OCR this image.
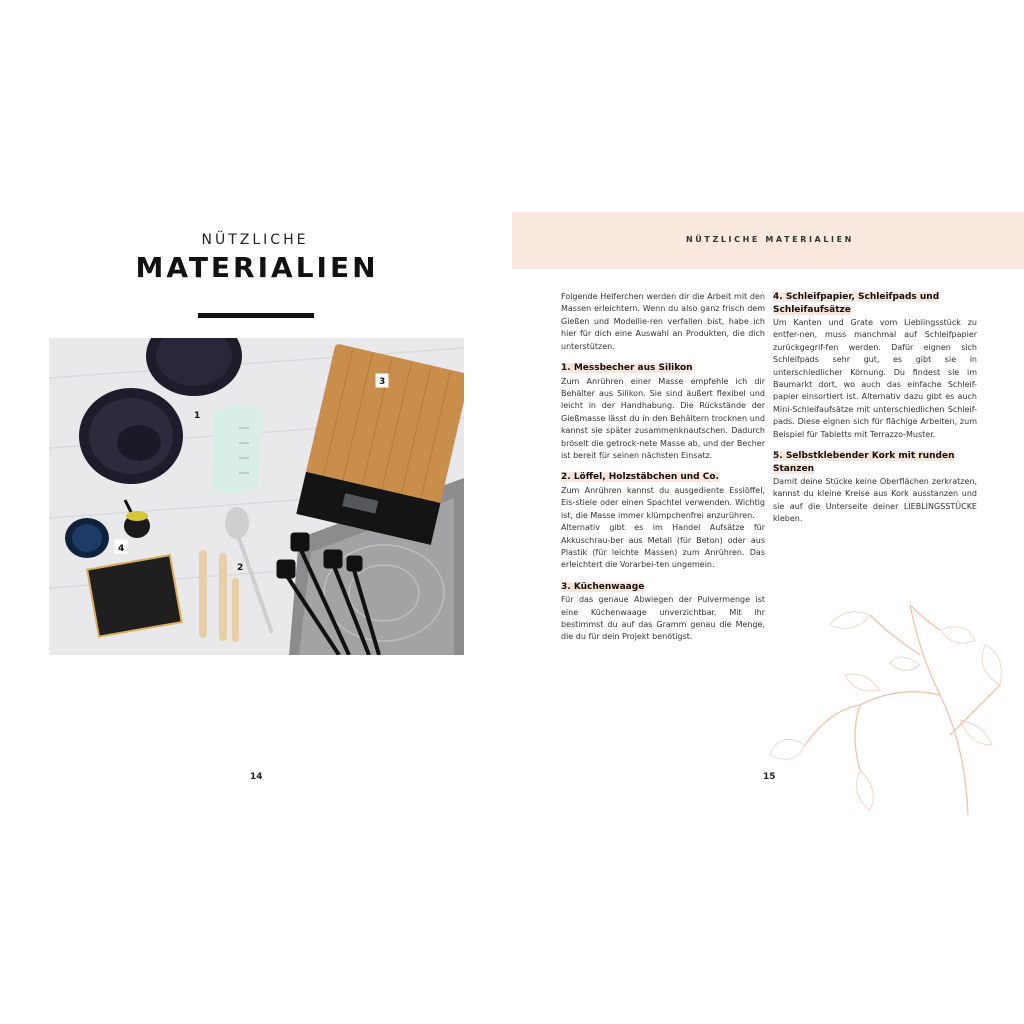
NÜTZLICHE
MATERIALIEN
NÜTZLICHE MATERIALIEN
1
2
3
4
14	15

Folgende Helferchen werden dir die Arbeit mit den Massen erleichtern. Wenn du also ganz frisch dem Gießen und Modellie-ren verfallen bist, habe ich hier für dich eine Auswahl an Produkten, die dich unterstützen.

1. Messbecher aus Silikon

Zum Anrühren einer Masse empfehle ich dir Behälter aus Silikon. Sie sind äußert flexibel und leicht in der Handhabung. Die Rückstände der Gießmasse lässt du in den Behältern trocknen und kannst sie später zusammenknautschen. Dadurch bröselt die getrock-nete Masse ab, und der Becher ist bereit für seinen nächsten Einsatz.

2. Löffel, Holzstäbchen und Co.

Zum Anrühren kannst du ausgediente Esslöffel, Eis-stiele oder einen Spachtel verwenden. Wichtig ist, die Masse immer klümpchenfrei anzurühren.

Alternativ gibt es im Handel Aufsätze für Akkuschrau-ber aus Metall (für Beton) oder aus Plastik (für leichte Massen) zum Anrühren. Das erleichtert die Vorarbei-ten ungemein.

3. Küchenwaage

Für das genaue Abwiegen der Pulvermenge ist eine Küchenwaage unverzichtbar. Mit ihr bestimmst du auf das Gramm genau die Menge, die du für dein Projekt benötigst.

4. Schleifpapier, Schleifpads und Schleifaufsätze

Um Kanten und Grate vom Lieblingsstück zu entfer-nen, muss manchmal auf Schleifpapier zurückgegrif-fen werden. Dafür eignen sich Schleifpads sehr gut, es gibt sie in unterschiedlicher Körnung. Du findest sie im Baumarkt dort, wo auch das einfache Schleif-papier einsortiert ist. Alternativ dazu gibt es auch Mini-Schleifaufsätze mit unterschiedlichen Schleif-pads. Diese eignen sich für flächige Arbeiten, zum Beispiel für Tabletts mit Terrazzo-Muster.

5. Selbstklebender Kork mit runden Stanzen

Damit deine Stücke keine Oberflächen zerkratzen, kannst du kleine Kreise aus Kork ausstanzen und sie auf die Unterseite deiner LIEBLINGSSTÜCKE kleben.
